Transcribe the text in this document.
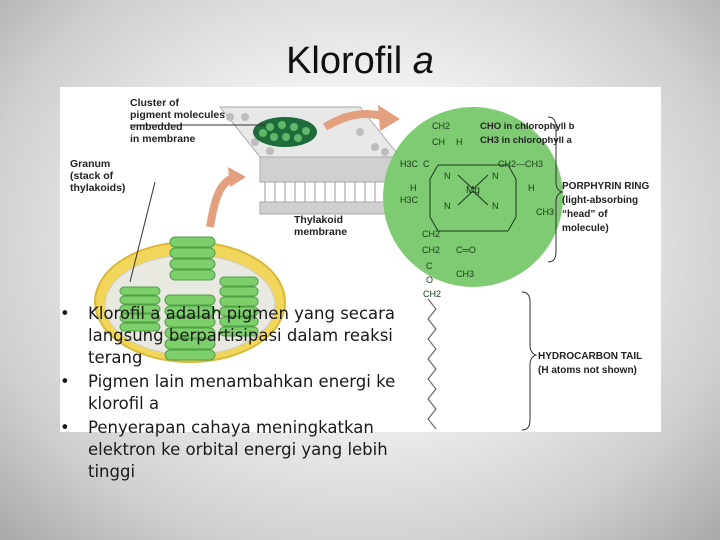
Klorofil a
Cluster of
pigment molecules
embedded
in membrane
Granum
(stack of
thylakoids)
Thylakoid
membrane
CH2
CH H
C
H3C	CH2—CH3
N	N
N	N
H	H
H3C
CH3
CH2
CH2 C═O
C
O
CH3
CH2
Mg
CHO in chlorophyll b
CH3 in chlorophyll a
PORPHYRIN RING
(light-absorbing
“head” of
molecule)
HYDROCARBON TAIL
(H atoms not shown)
•	Klorofil a adalah pigmen yang secara langsung berpartisipasi dalam reaksi terang
•	Pigmen lain menambahkan energi ke klorofil a
•	Penyerapan cahaya meningkatkan elektron ke orbital energi yang lebih tinggi
